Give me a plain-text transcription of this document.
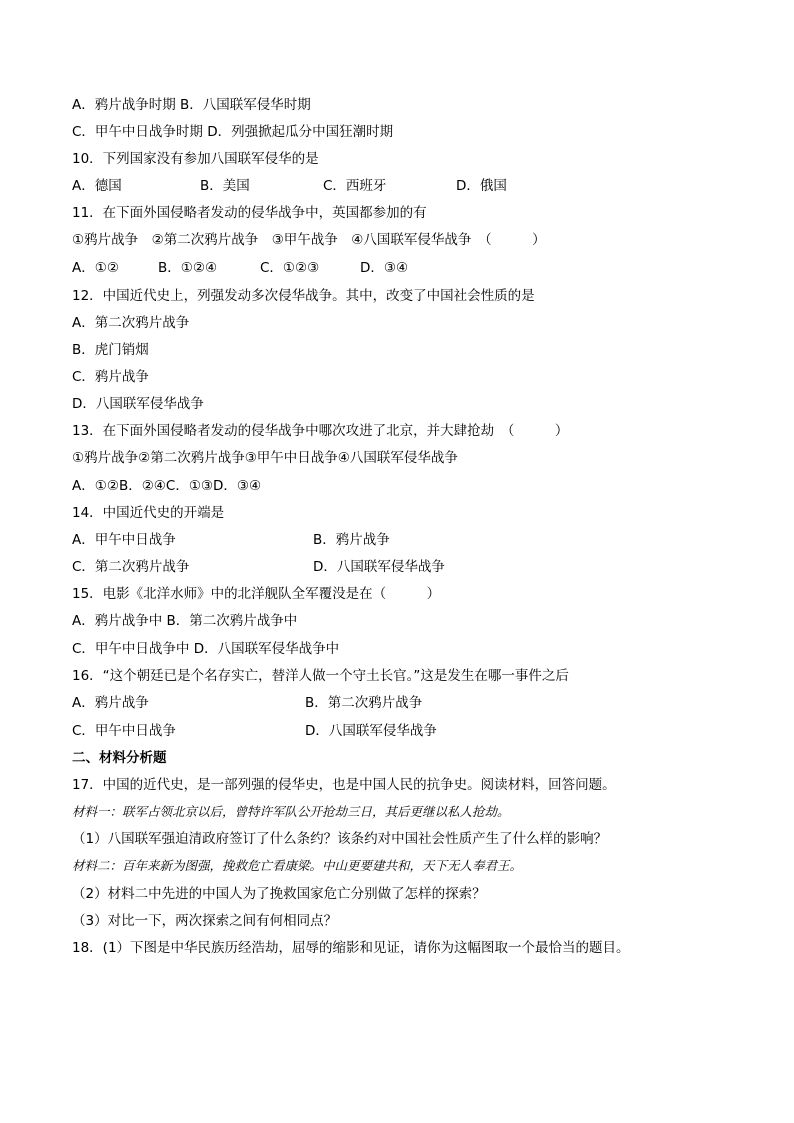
A．鸦片战争时期 B．八国联军侵华时期
C．甲午中日战争时期 D．列强掀起瓜分中国狂潮时期
10．下列国家没有参加八国联军侵华的是
A．德国	B．美国	C．西班牙	D．俄国
11．在下面外国侵略者发动的侵华战争中，英国都参加的有
①鸦片战争　②第二次鸦片战争　③甲午战争　④八国联军侵华战争　（　　　）
A．①②	B．①②④	C．①②③	D．③④
12．中国近代史上，列强发动多次侵华战争。其中，改变了中国社会性质的是
A．第二次鸦片战争
B．虎门销烟
C．鸦片战争
D．八国联军侵华战争
13．在下面外国侵略者发动的侵华战争中哪次攻进了北京，并大肆抢劫　（　　　）
①鸦片战争②第二次鸦片战争③甲午中日战争④八国联军侵华战争
A．①②B．②④C．①③D．③④
14．中国近代史的开端是
A．甲午中日战争	B．鸦片战争
C．第二次鸦片战争	D．八国联军侵华战争
15．电影《北洋水师》中的北洋舰队全军覆没是在（　　　）
A．鸦片战争中 B．第二次鸦片战争中
C．甲午中日战争中 D．八国联军侵华战争中
16．“这个朝廷已是个名存实亡，替洋人做一个守土长官。”这是发生在哪一事件之后
A．鸦片战争	B．第二次鸦片战争
C．甲午中日战争	D．八国联军侵华战争
二、材料分析题
17．中国的近代史，是一部列强的侵华史，也是中国人民的抗争史。阅读材料，回答问题。
材料一：联军占领北京以后，曾特许军队公开抢劫三日，其后更继以私人抢劫。
（1）八国联军强迫清政府签订了什么条约？该条约对中国社会性质产生了什么样的影响？
材料二：百年来新为图强，挽救危亡看康梁。中山更要建共和，天下无人奉君王。
（2）材料二中先进的中国人为了挽救国家危亡分别做了怎样的探索？
（3）对比一下，两次探索之间有何相同点？
18．(1）下图是中华民族历经浩劫，屈辱的缩影和见证，请你为这幅图取一个最恰当的题目。
